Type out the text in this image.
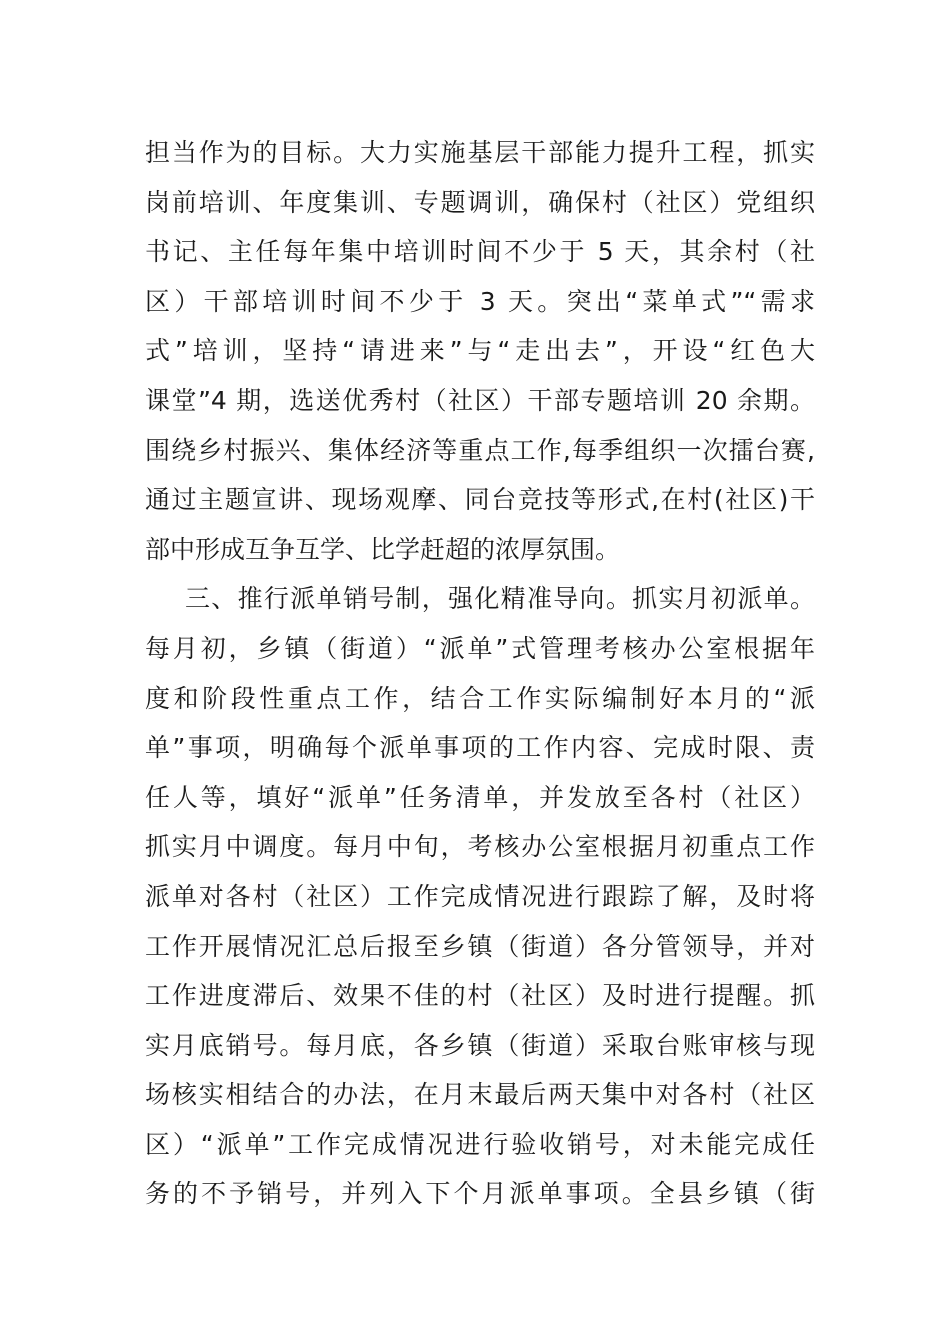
担当作为的目标。大力实施基层干部能力提升工程，抓实
岗前培训、年度集训、专题调训，确保村（社区）党组织
书记、主任每年集中培训时间不少于 5 天，其余村（社
区）干部培训时间不少于 3 天。突出“菜单式”“需求
式”培训，坚持“请进来”与“走出去”，开设“红色大
课堂”4 期，选送优秀村（社区）干部专题培训 20 余期。
围绕乡村振兴、集体经济等重点工作,每季组织一次擂台赛,
通过主题宣讲、现场观摩、同台竞技等形式,在村(社区)干
部中形成互争互学、比学赶超的浓厚氛围。
三、推行派单销号制，强化精准导向。抓实月初派单。
每月初，乡镇（街道）“派单”式管理考核办公室根据年
度和阶段性重点工作，结合工作实际编制好本月的“派
单”事项，明确每个派单事项的工作内容、完成时限、责
任人等，填好“派单”任务清单，并发放至各村（社区）
抓实月中调度。每月中旬，考核办公室根据月初重点工作
派单对各村（社区）工作完成情况进行跟踪了解，及时将
工作开展情况汇总后报至乡镇（街道）各分管领导，并对
工作进度滞后、效果不佳的村（社区）及时进行提醒。抓
实月底销号。每月底，各乡镇（街道）采取台账审核与现
场核实相结合的办法，在月末最后两天集中对各村（社区
区）“派单”工作完成情况进行验收销号，对未能完成任
务的不予销号，并列入下个月派单事项。全县乡镇（街
